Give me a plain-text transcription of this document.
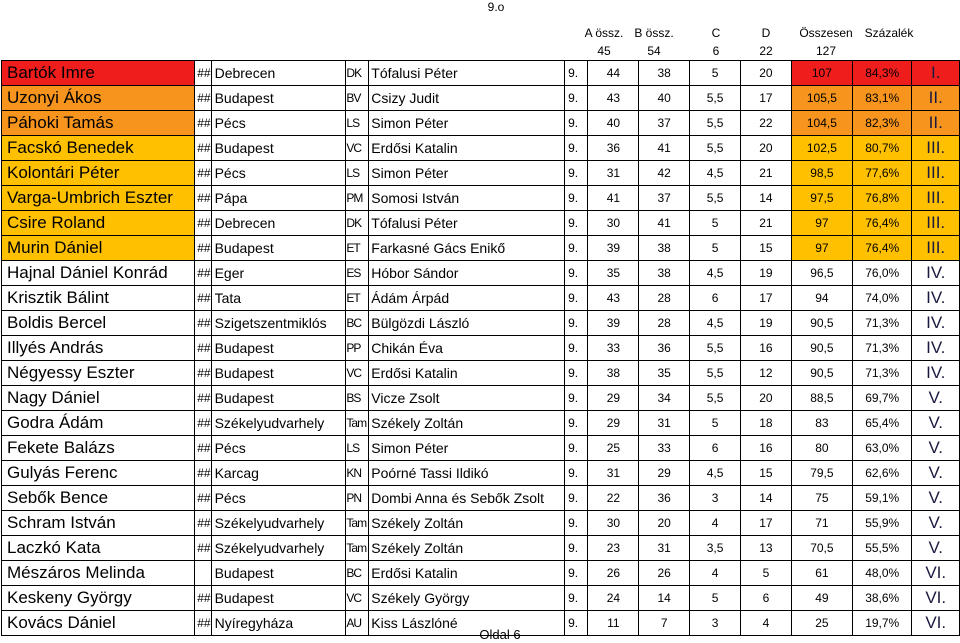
9.o
A össz. B össz.	C	D	Összesen Százalék
45	54	6	22	127
Bartók Imre	##	Debrecen	DK	Tófalusi Péter	9.	44	38	5	20	107	84,3%	I.
Uzonyi Ákos	##	Budapest	BV	Csizy Judit	9.	43	40	5,5	17	105,5	83,1%	II.
Páhoki Tamás	##	Pécs	LS	Simon Péter	9.	40	37	5,5	22	104,5	82,3%	II.
Facskó Benedek	##	Budapest	VC	Erdősi Katalin	9.	36	41	5,5	20	102,5	80,7%	III.
Kolontári Péter	##	Pécs	LS	Simon Péter	9.	31	42	4,5	21	98,5	77,6%	III.
Varga-Umbrich Eszter	##	Pápa	PM	Somosi István	9.	41	37	5,5	14	97,5	76,8%	III.
Csire Roland	##	Debrecen	DK	Tófalusi Péter	9.	30	41	5	21	97	76,4%	III.
Murin Dániel	##	Budapest	ET	Farkasné Gács Enikő	9.	39	38	5	15	97	76,4%	III.
Hajnal Dániel Konrád	##	Eger	ES	Hóbor Sándor	9.	35	38	4,5	19	96,5	76,0%	IV.
Krisztik Bálint	##	Tata	ET	Ádám Árpád	9.	43	28	6	17	94	74,0%	IV.
Boldis Bercel	##	Szigetszentmiklós	BC	Bülgözdi László	9.	39	28	4,5	19	90,5	71,3%	IV.
Illyés András	##	Budapest	PP	Chikán Éva	9.	33	36	5,5	16	90,5	71,3%	IV.
Négyessy Eszter	##	Budapest	VC	Erdősi Katalin	9.	38	35	5,5	12	90,5	71,3%	IV.
Nagy Dániel	##	Budapest	BS	Vicze Zsolt	9.	29	34	5,5	20	88,5	69,7%	V.
Godra Ádám	##	Székelyudvarhely	Tam	Székely Zoltán	9.	29	31	5	18	83	65,4%	V.
Fekete Balázs	##	Pécs	LS	Simon Péter	9.	25	33	6	16	80	63,0%	V.
Gulyás Ferenc	##	Karcag	KN	Poórné Tassi Ildikó	9.	31	29	4,5	15	79,5	62,6%	V.
Sebők Bence	##	Pécs	PN	Dombi Anna és Sebők Zsolt	9.	22	36	3	14	75	59,1%	V.
Schram István	##	Székelyudvarhely	Tam	Székely Zoltán	9.	30	20	4	17	71	55,9%	V.
Laczkó Kata	##	Székelyudvarhely	Tam	Székely Zoltán	9.	23	31	3,5	13	70,5	55,5%	V.
Mészáros Melinda		Budapest	BC	Erdősi Katalin	9.	26	26	4	5	61	48,0%	VI.
Keskeny György	##	Budapest	VC	Székely György	9.	24	14	5	6	49	38,6%	VI.
Kovács Dániel	##	Nyíregyháza	AU	Kiss Lászlóné	9.	11	7	3	4	25	19,7%	VI.
Oldal 6
